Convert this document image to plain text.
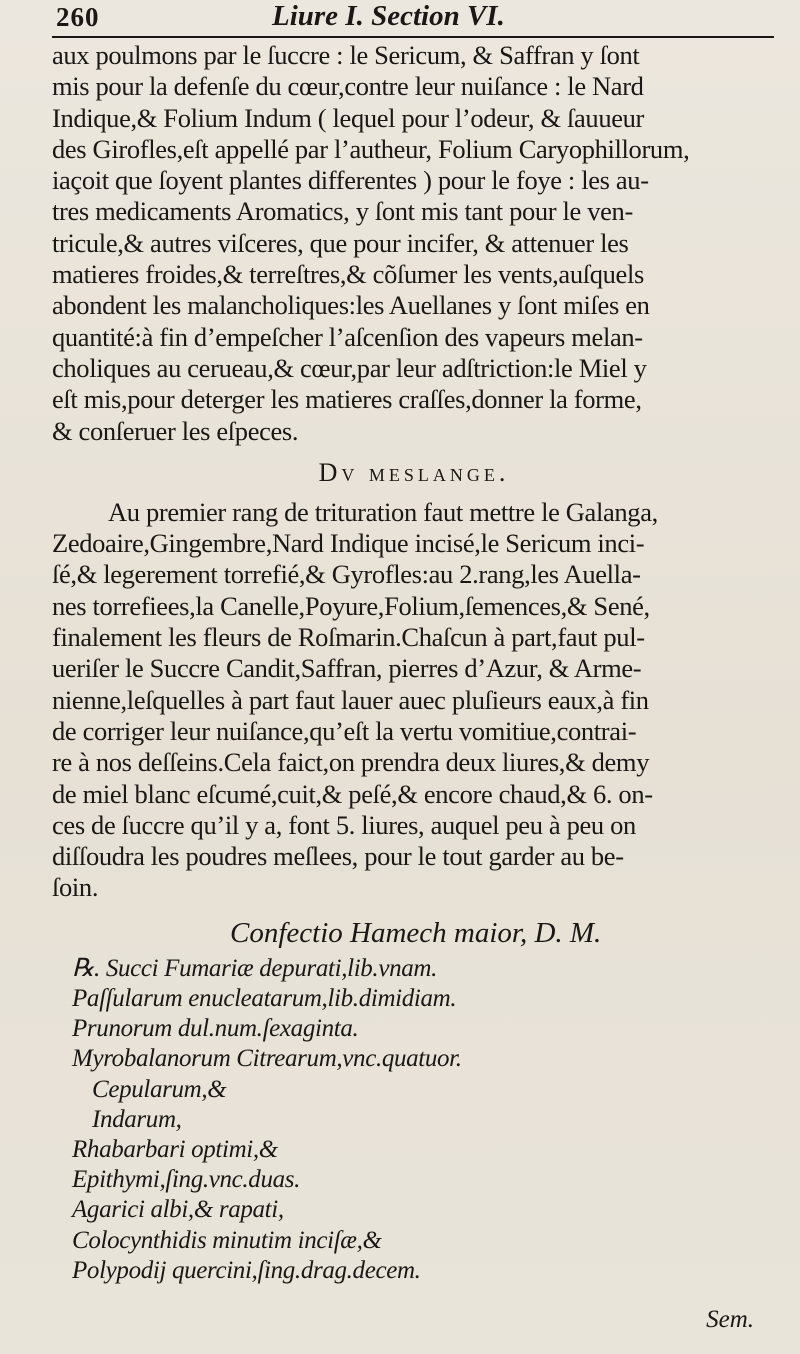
260	Liure I. Section VI.
aux poulmons par le ſuccre : le Sericum, & Saffran y ſont
mis pour la defenſe du cœur,contre leur nuiſance : le Nard
Indique,& Folium Indum ( lequel pour l’odeur, & ſauueur
des Girofles,eſt appellé par l’autheur, Folium Caryophillorum,
iaçoit que ſoyent plantes differentes ) pour le foye : les au-
tres medicaments Aromatics, y ſont mis tant pour le ven-
tricule,& autres viſceres, que pour incifer, & attenuer les
matieres froides,& terreſtres,& cõſumer les vents,auſquels
abondent les malancholiques:les Auellanes y ſont miſes en
quantité:à fin d’empeſcher l’aſcenſion des vapeurs melan-
choliques au cerueau,& cœur,par leur adſtriction:le Miel y
eſt mis,pour deterger les matieres craſſes,donner la forme,
& conſeruer les eſpeces.
Dv meslange.
Au premier rang de trituration faut mettre le Galanga,
Zedoaire,Gingembre,Nard Indique incisé,le Sericum inci-
ſé,& legerement torrefié,& Gyrofles:au 2.rang,les Auella-
nes torrefiees,la Canelle,Poyure,Folium,ſemences,& Sené,
finalement les fleurs de Roſmarin.Chaſcun à part,faut pul-
ueriſer le Succre Candit,Saffran, pierres d’Azur, & Arme-
nienne,leſquelles à part faut lauer auec pluſieurs eaux,à fin
de corriger leur nuiſance,qu’eſt la vertu vomitiue,contrai-
re à nos deſſeins.Cela faict,on prendra deux liures,& demy
de miel blanc eſcumé,cuit,& peſé,& encore chaud,& 6. on-
ces de ſuccre qu’il y a, font 5. liures, auquel peu à peu on
diſſoudra les poudres meſlees, pour le tout garder au be-
ſoin.
Confectio Hamech maior, D. M.
℞. Succi Fumariæ depurati,lib.vnam.
Paſſularum enucleatarum,lib.dimidiam.
Prunorum dul.num.ſexaginta.
Myrobalanorum Citrearum,vnc.quatuor.
Cepularum,&
Indarum,
Rhabarbari optimi,&
Epithymi,ſing.vnc.duas.
Agarici albi,& rapati,
Colocynthidis minutim inciſæ,&
Polypodij quercini,ſing.drag.decem.
Sem.
